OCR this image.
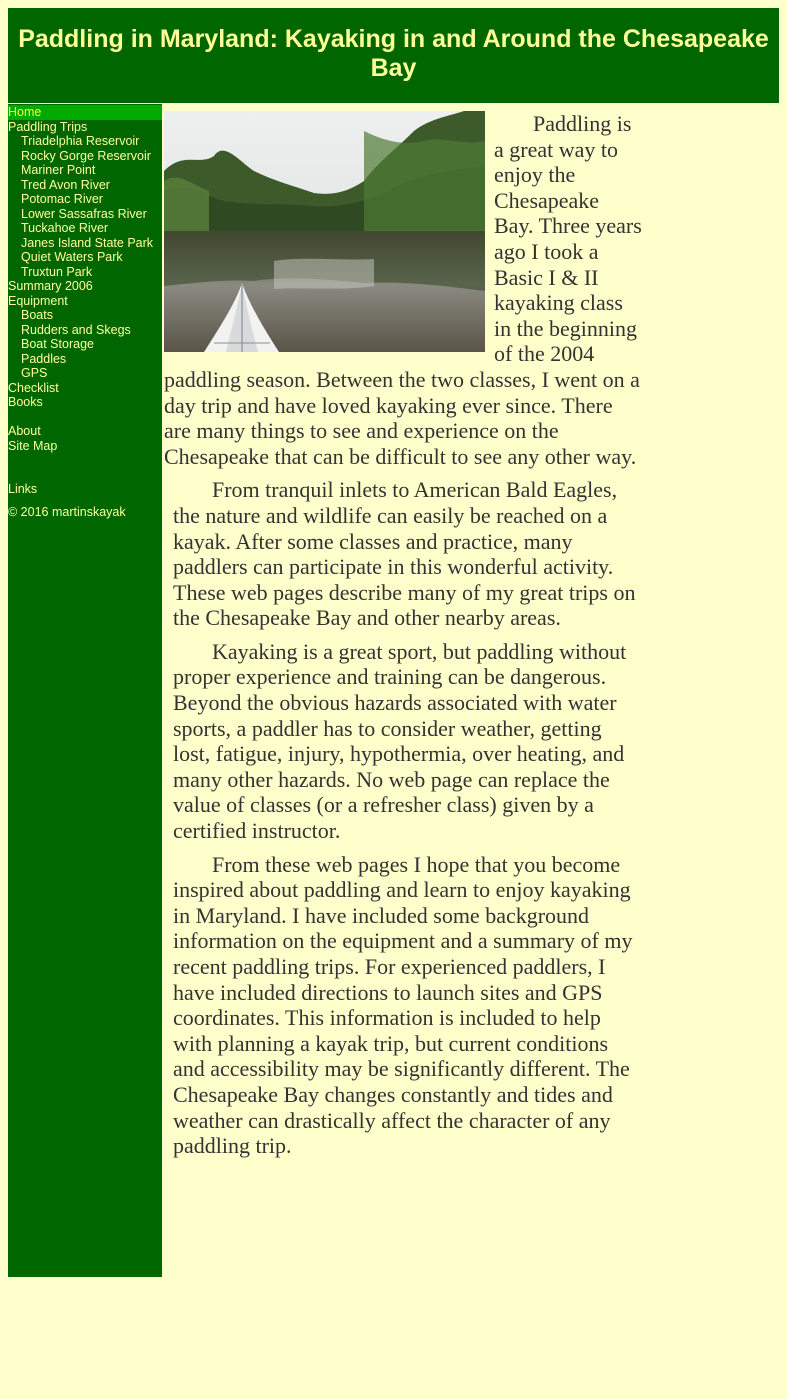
Paddling in Maryland: Kayaking in and Around the Chesapeake Bay
Home
Paddling Trips
Triadelphia Reservoir
Rocky Gorge Reservoir
Mariner Point
Tred Avon River
Potomac River
Lower Sassafras River
Tuckahoe River
Janes Island State Park
Quiet Waters Park
Truxtun Park
Summary 2006
Equipment
Boats
Rudders and Skegs
Boat Storage
Paddles
GPS
Checklist
Books
About
Site Map
Links
© 2016 martinskayak

Paddling is a great way to enjoy the Chesapeake Bay. Three years ago I took a Basic I & II kayaking class in the beginning of the 2004 paddling season. Between the two classes, I went on a day trip and have loved kayaking ever since. There are many things to see and experience on the Chesapeake that can be difficult to see any other way.

From tranquil inlets to American Bald Eagles, the nature and wildlife can easily be reached on a kayak. After some classes and practice, many paddlers can participate in this wonderful activity. These web pages describe many of my great trips on the Chesapeake Bay and other nearby areas.

Kayaking is a great sport, but paddling without proper experience and training can be dangerous. Beyond the obvious hazards associated with water sports, a paddler has to consider weather, getting lost, fatigue, injury, hypothermia, over heating, and many other hazards. No web page can replace the value of classes (or a refresher class) given by a certified instructor.

From these web pages I hope that you become inspired about paddling and learn to enjoy kayaking in Maryland. I have included some background information on the equipment and a summary of my recent paddling trips. For experienced paddlers, I have included directions to launch sites and GPS coordinates. This information is included to help with planning a kayak trip, but current conditions and accessibility may be significantly different. The Chesapeake Bay changes constantly and tides and weather can drastically affect the character of any paddling trip.
